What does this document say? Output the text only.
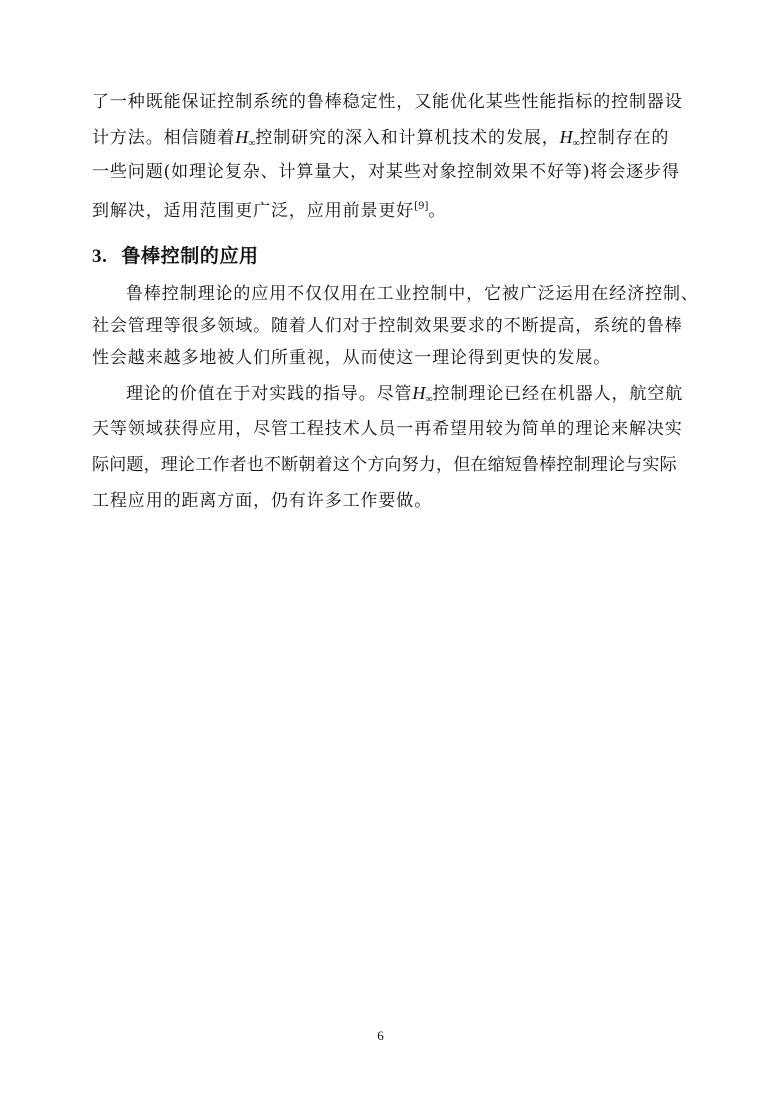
了一种既能保证控制系统的鲁棒稳定性，又能优化某些性能指标的控制器设
计方法。相信随着$H_\infty$控制研究的深入和计算机技术的发展，$H_\infty$控制存在的
一些问题(如理论复杂、计算量大，对某些对象控制效果不好等)将会逐步得
到解决，适用范围更广泛，应用前景更好[9]。
3. 鲁棒控制的应用
鲁棒控制理论的应用不仅仅用在工业控制中，它被广泛运用在经济控制、
社会管理等很多领域。随着人们对于控制效果要求的不断提高，系统的鲁棒
性会越来越多地被人们所重视，从而使这一理论得到更快的发展。
理论的价值在于对实践的指导。尽管$H_\infty$控制理论已经在机器人，航空航
天等领域获得应用，尽管工程技术人员一再希望用较为简单的理论来解决实
际问题，理论工作者也不断朝着这个方向努力，但在缩短鲁棒控制理论与实际
工程应用的距离方面，仍有许多工作要做。
6
